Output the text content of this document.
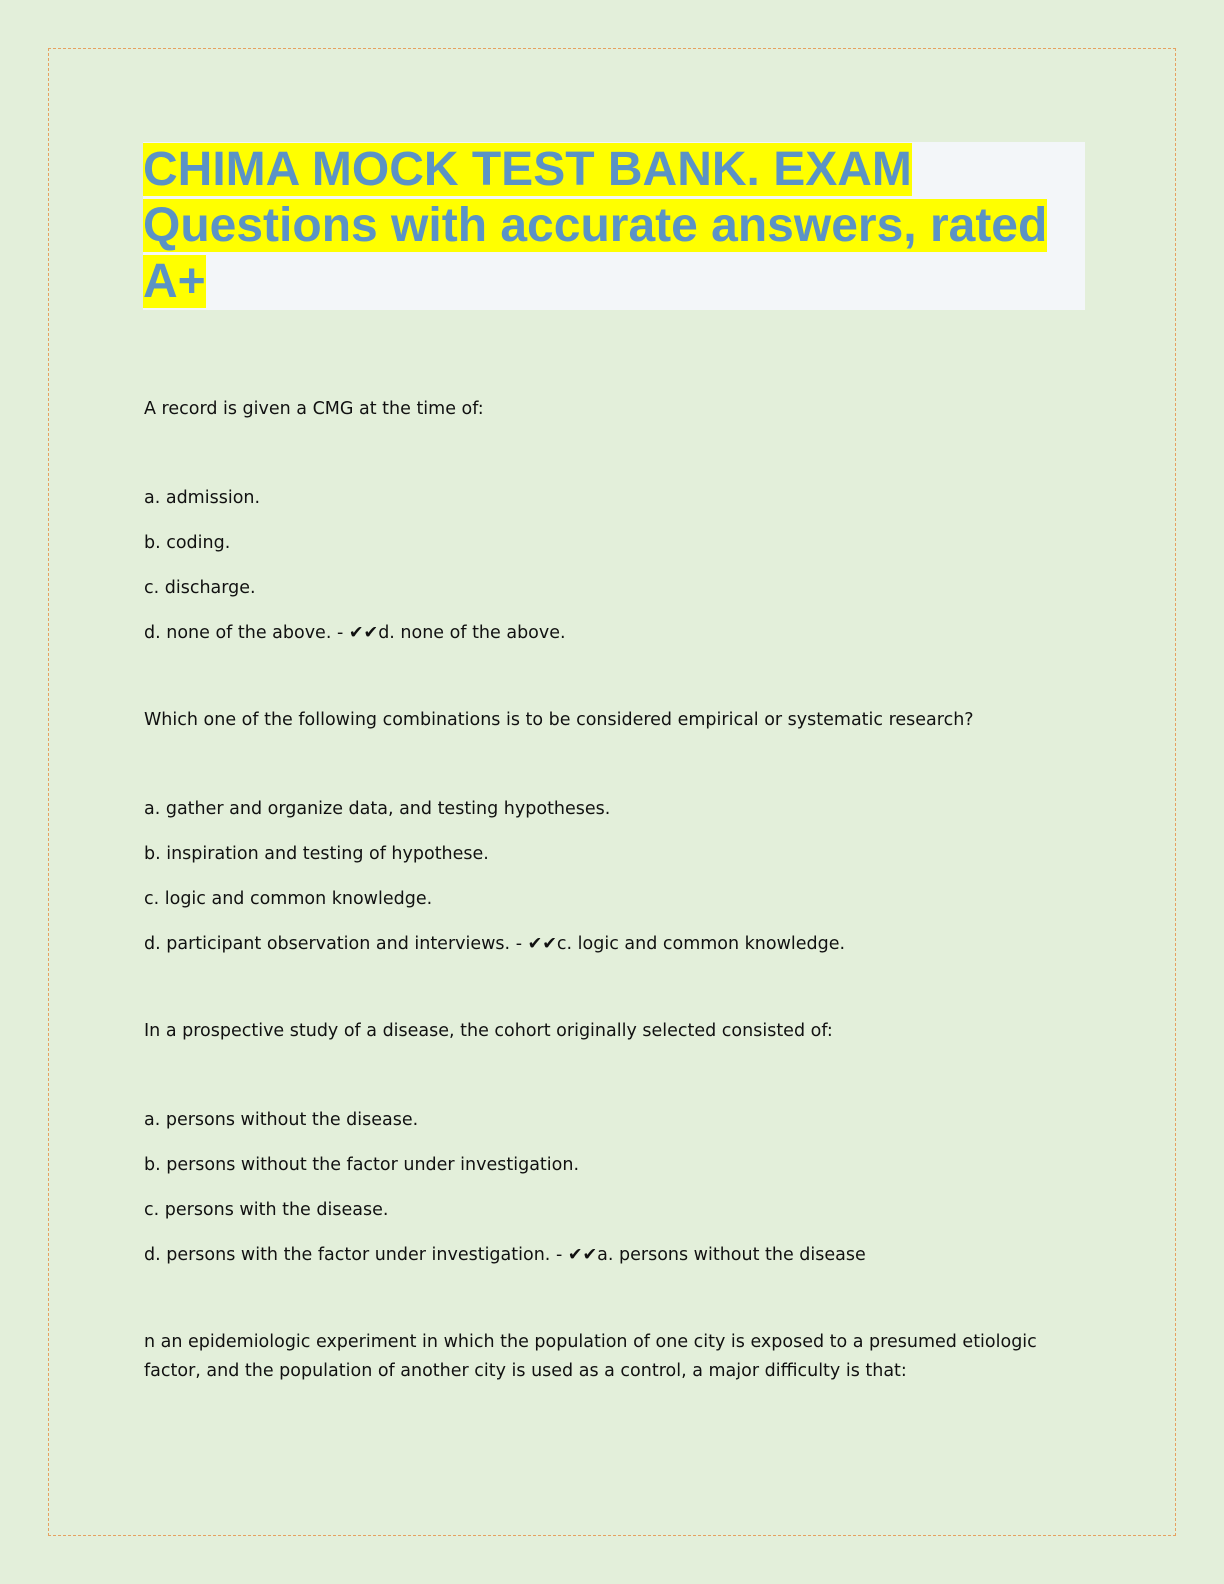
CHIMA MOCK TEST BANK. EXAM Questions with accurate answers, rated A+

A record is given a CMG at the time of:

a. admission.
b. coding.
c. discharge.
d. none of the above. - ✔✔d. none of the above.

Which one of the following combinations is to be considered empirical or systematic research?

a. gather and organize data, and testing hypotheses.
b. inspiration and testing of hypothese.
c. logic and common knowledge.
d. participant observation and interviews. - ✔✔c. logic and common knowledge.

In a prospective study of a disease, the cohort originally selected consisted of:

a. persons without the disease.
b. persons without the factor under investigation.
c. persons with the disease.
d. persons with the factor under investigation. - ✔✔a. persons without the disease

n an epidemiologic experiment in which the population of one city is exposed to a presumed etiologic factor, and the population of another city is used as a control, a major difficulty is that:
